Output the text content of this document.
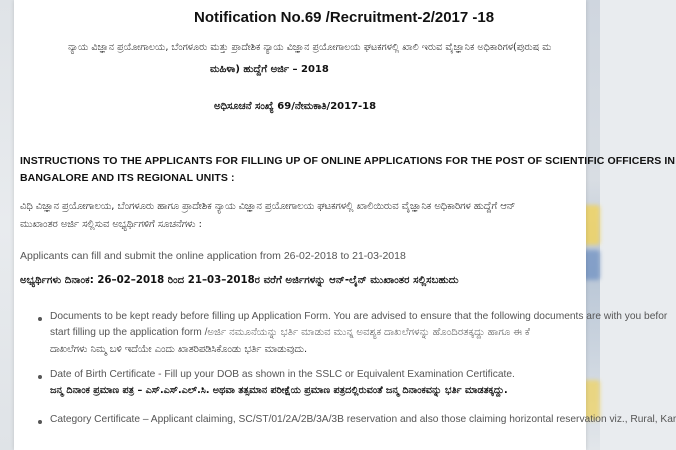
Notification No.69 /Recruitment-2/2017 -18
ನ್ಯಾಯ ವಿಜ್ಞಾನ ಪ್ರಯೋಗಾಲಯ, ಬೆಂಗಳೂರು ಮತ್ತು ಪ್ರಾದೇಶಿಕ ನ್ಯಾಯ ವಿಜ್ಞಾನ ಪ್ರಯೋಗಾಲಯ ಘಟಕಗಳಲ್ಲಿ ಖಾಲಿ ಇರುವ ವೈಜ್ಞಾನಿಕ ಅಧಿಕಾರಿಗಳ(ಪುರುಷ ಮ
ಮಹಿಳಾ) ಹುದ್ದೆಗೆ ಅರ್ಜಿ – 2018
ಅಧಿಸೂಚನೆ ಸಂಖ್ಯೆ 69/ನೇಮಕಾತಿ/2017-18
INSTRUCTIONS TO THE APPLICANTS FOR FILLING UP OF ONLINE APPLICATIONS FOR THE POST OF SCIENTIFIC OFFICERS IN
BANGALORE AND ITS REGIONAL UNITS :
ವಿಧಿ ವಿಜ್ಞಾನ ಪ್ರಯೋಗಾಲಯ, ಬೆಂಗಳೂರು ಹಾಗೂ ಪ್ರಾದೇಶಿಕ ನ್ಯಾಯ ವಿಜ್ಞಾನ ಪ್ರಯೋಗಾಲಯ ಘಟಕಗಳಲ್ಲಿ ಖಾಲಿಯಿರುವ ವೈಜ್ಞಾನಿಕ ಅಧಿಕಾರಿಗಳ ಹುದ್ದೆಗೆ ಆನ್
ಮುಖಾಂತರ ಅರ್ಜಿ ಸಲ್ಲಿಸುವ ಅಭ್ಯರ್ಥಿಗಳಿಗೆ ಸೂಚನೆಗಳು :
Applicants can fill and submit the online application from 26-02-2018 to 21-03-2018
ಅಭ್ಯರ್ಥಿಗಳು ದಿನಾಂಕ: 26–02–2018 ರಿಂದ 21–03–2018ರ ವರೆಗೆ ಅರ್ಜಿಗಳನ್ನು ಆನ್-ಲೈನ್ ಮುಖಾಂತರ ಸಲ್ಲಿಸಬಹುದು
Documents to be kept ready before filling up Application Form. You are advised to ensure that the following documents are with you befor
start filling up the application form /ಅರ್ಜಿ ನಮೂನೆಯನ್ನು ಭರ್ತಿ ಮಾಡುವ ಮುನ್ನ ಅವಶ್ಯಕ ದಾಖಲೆಗಳನ್ನು ಹೊಂದಿರತಕ್ಕದ್ದು ಹಾಗೂ ಈ ಕೆ
ದಾಖಲೆಗಳು ನಿಮ್ಮ ಬಳಿ ಇದೆಯೇ ಎಂದು ಖಾತರಿಪಡಿಸಿಕೊಂಡು ಭರ್ತಿ ಮಾಡುವುದು.
Date of Birth Certificate - Fill up your DOB as shown in the SSLC or Equivalent Examination Certificate.
ಜನ್ಮ ದಿನಾಂಕ ಪ್ರಮಾಣ ಪತ್ರ – ಎಸ್.ಎಸ್.ಎಲ್.ಸಿ. ಅಥವಾ ತತ್ಸಮಾನ ಪರೀಕ್ಷೆಯ ಪ್ರಮಾಣ ಪತ್ರದಲ್ಲಿರುವಂತೆ ಜನ್ಮ ದಿನಾಂಕವನ್ನು ಭರ್ತಿ ಮಾಡತಕ್ಕದ್ದು.
Category Certificate – Applicant claiming, SC/ST/01/2A/2B/3A/3B reservation and also those claiming horizontal reservation viz., Rural, Kar
